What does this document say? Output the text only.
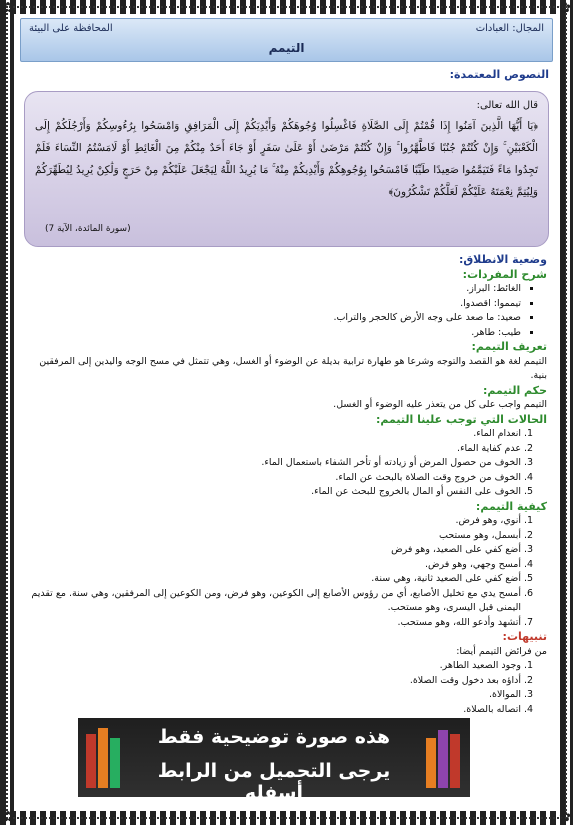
✿	✿
✿	✿
المجال: العبادات
المحافظة على البيئة
التيمم
النصوص المعتمدة:
قال الله تعالى:
﴿يَا أَيُّهَا الَّذِينَ آمَنُوا إِذَا قُمْتُمْ إِلَى الصَّلَاةِ فَاغْسِلُوا وُجُوهَكُمْ وَأَيْدِيَكُمْ إِلَى الْمَرَافِقِ وَامْسَحُوا بِرُءُوسِكُمْ وَأَرْجُلَكُمْ إِلَى الْكَعْبَيْنِ ۚ وَإِنْ كُنْتُمْ جُنُبًا فَاطَّهَّرُوا ۚ وَإِنْ كُنْتُمْ مَرْضَىٰ أَوْ عَلَىٰ سَفَرٍ أَوْ جَاءَ أَحَدٌ مِنْكُمْ مِنَ الْغَائِطِ أَوْ لَامَسْتُمُ النِّسَاءَ فَلَمْ تَجِدُوا مَاءً فَتَيَمَّمُوا صَعِيدًا طَيِّبًا فَامْسَحُوا بِوُجُوهِكُمْ وَأَيْدِيكُمْ مِنْهُ ۚ مَا يُرِيدُ اللَّهُ لِيَجْعَلَ عَلَيْكُمْ مِنْ حَرَجٍ وَلَٰكِنْ يُرِيدُ لِيُطَهِّرَكُمْ وَلِيُتِمَّ نِعْمَتَهُ عَلَيْكُمْ لَعَلَّكُمْ تَشْكُرُونَ﴾
(سورة المائدة، الآية 7)

وضعية الانطلاق:

شرح المفردات:

▪ الغائط: البراز.
▪ تيمموا: اقصدوا.
▪ صعيد: ما صعد على وجه الأرض كالحجر والتراب.
▪ طيب: طاهر.

تعريف التيمم:

التيمم لغة هو القصد والتوجه وشرعا هو طهارة ترابية بديلة عن الوضوء أو الغسل، وهي تتمثل في مسح الوجه واليدين إلى المرفقين بنية.

حكم التيمم:

التيمم واجب على كل من يتعذر عليه الوضوء أو الغسل.

الحالات التي توجب علينا التيمم:

1. انعدام الماء.
2. عدم كفاية الماء.
3. الخوف من حصول المرض أو زيادته أو تأخر الشفاء باستعمال الماء.
4. الخوف من خروج وقت الصلاة بالبحث عن الماء.
5. الخوف على النفس أو المال بالخروج للبحث عن الماء.

كيفية التيمم:

1. أنوي، وهو فرض.
2. أبسمل، وهو مستحب
3. أضع كفي على الصعيد، وهو فرض
4. أمسح وجهي، وهو فرض.
5. أضع كفي على الصعيد ثانية، وهي سنة.
6. أمسح يدي مع تخليل الأصابع، أي من رؤوس الأصابع إلى الكوعين، وهو فرض، ومن الكوعين إلى المرفقين، وهي سنة. مع تقديم اليمنى قبل اليسرى، وهو مستحب.
7. أتشهد وأدعو الله، وهو مستحب.

تنبيهات:

من فرائض التيمم أيضا:

1. وجود الصعيد الطاهر.
2. أداؤه بعد دخول وقت الصلاة.
3. الموالاة.
4. اتصاله بالصلاة.
هذه صورة توضيحية فقط
يرجى التحميل من الرابط أسفله
